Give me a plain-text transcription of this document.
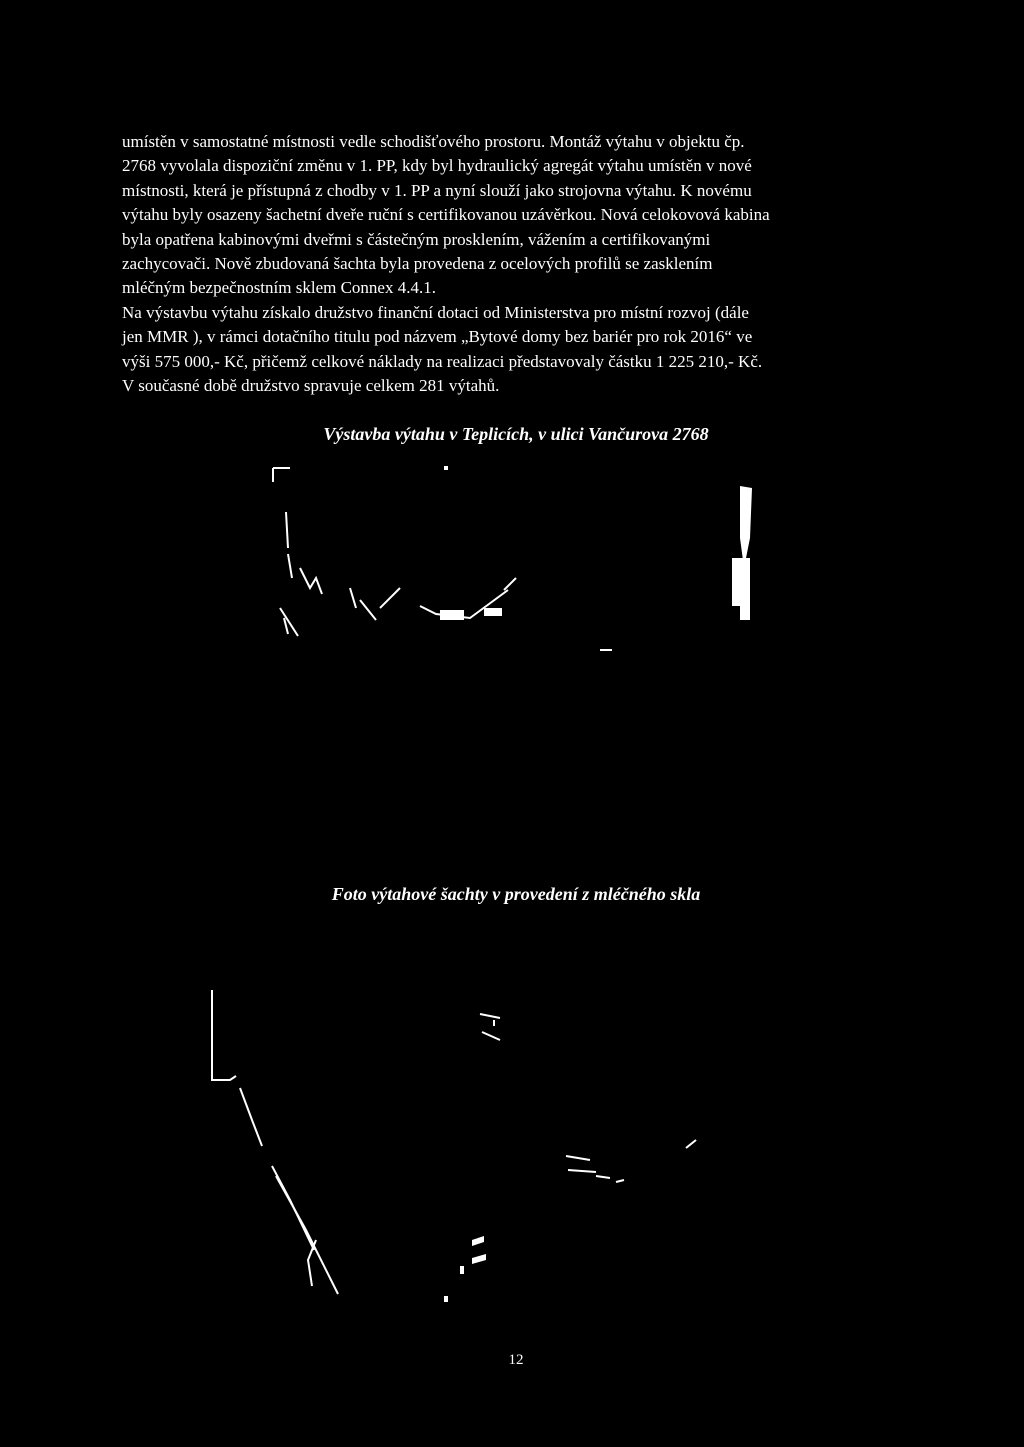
umístěn v samostatné místnosti vedle schodišťového prostoru. Montáž výtahu v objektu čp.
2768 vyvolala dispoziční změnu v 1. PP, kdy byl hydraulický agregát výtahu umístěn v nové
místnosti, která je přístupná z chodby v 1. PP a nyní slouží jako strojovna výtahu. K novému
výtahu byly osazeny šachetní dveře ruční s certifikovanou uzávěrkou. Nová celokovová kabina
byla opatřena kabinovými dveřmi s částečným prosklením, vážením a certifikovanými
zachycovači. Nově zbudovaná šachta byla provedena z ocelových profilů se zasklením
mléčným bezpečnostním sklem Connex 4.4.1.
Na výstavbu výtahu získalo družstvo finanční dotaci od Ministerstva pro místní rozvoj (dále
jen MMR ), v rámci dotačního titulu pod názvem „Bytové domy bez bariér pro rok 2016“ ve
výši 575 000,- Kč, přičemž celkové náklady na realizaci představovaly částku 1 225 210,- Kč.
V současné době družstvo spravuje celkem 281 výtahů.

Výstavba výtahu v Teplicích, v ulici Vančurova 2768

Foto výtahové šachty v provedení z mléčného skla

12
